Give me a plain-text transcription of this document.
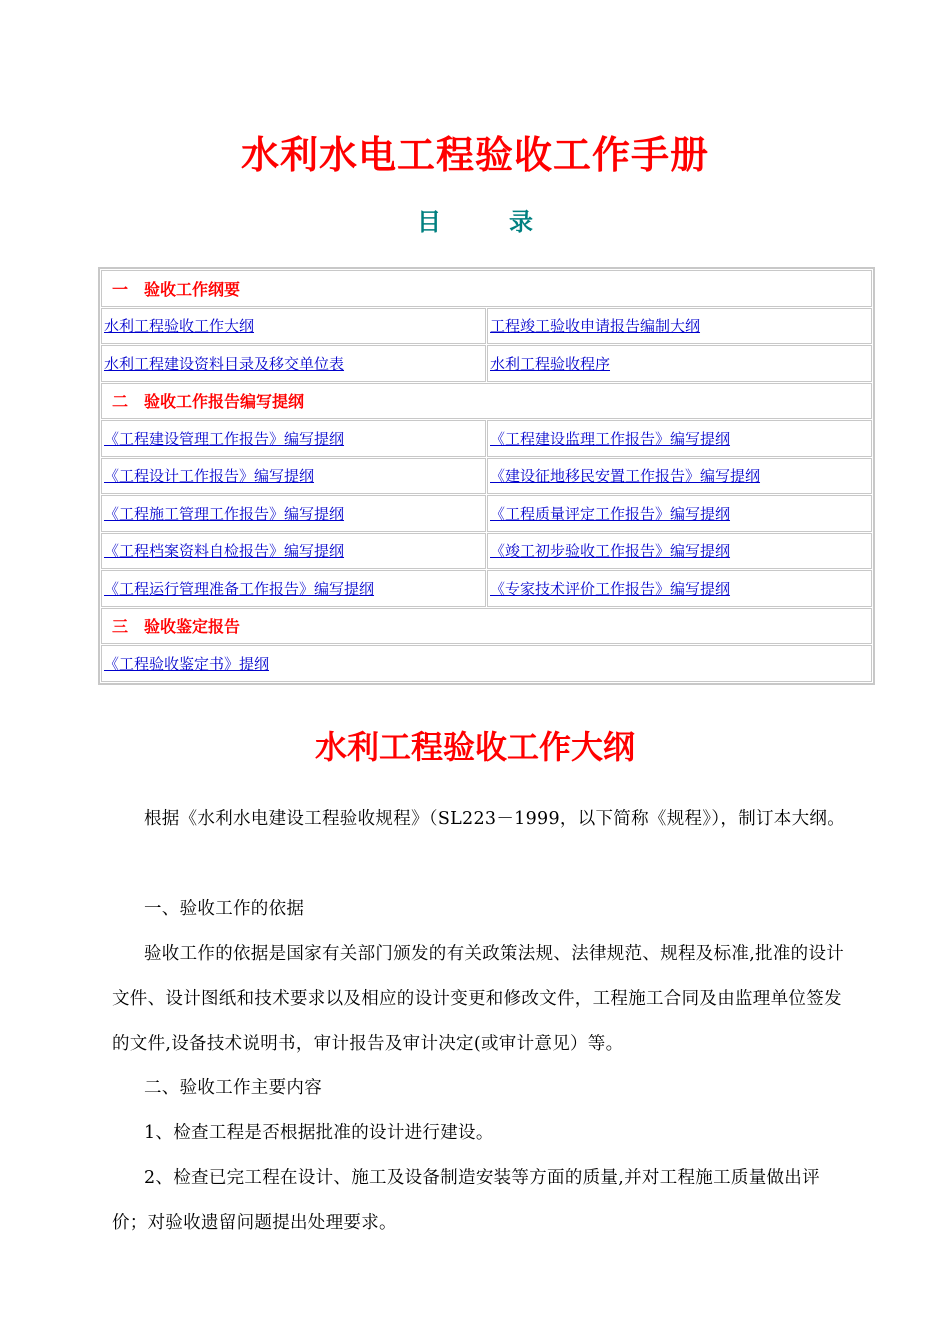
水利水电工程验收工作手册
目	录
一 验收工作纲要
水利工程验收工作大纲	工程竣工验收申请报告编制大纲
水利工程建设资料目录及移交单位表	水利工程验收程序
二 验收工作报告编写提纲
《工程建设管理工作报告》编写提纲	《工程建设监理工作报告》编写提纲
《工程设计工作报告》编写提纲	《建设征地移民安置工作报告》编写提纲
《工程施工管理工作报告》编写提纲	《工程质量评定工作报告》编写提纲
《工程档案资料自检报告》编写提纲	《竣工初步验收工作报告》编写提纲
《工程运行管理准备工作报告》编写提纲	《专家技术评价工作报告》编写提纲
三 验收鉴定报告
《工程验收鉴定书》提纲
水利工程验收工作大纲

根据《水利水电建设工程验收规程》（SL223－1999，以下简称《规程》），制订本大纲。

一、验收工作的依据

验收工作的依据是国家有关部门颁发的有关政策法规、法律规范、规程及标准,批准的设计文件、设计图纸和技术要求以及相应的设计变更和修改文件，工程施工合同及由监理单位签发的文件,设备技术说明书，审计报告及审计决定(或审计意见）等。

二、验收工作主要内容

1、检查工程是否根据批准的设计进行建设。

2、检查已完工程在设计、施工及设备制造安装等方面的质量,并对工程施工质量做出评价；对验收遗留问题提出处理要求。
